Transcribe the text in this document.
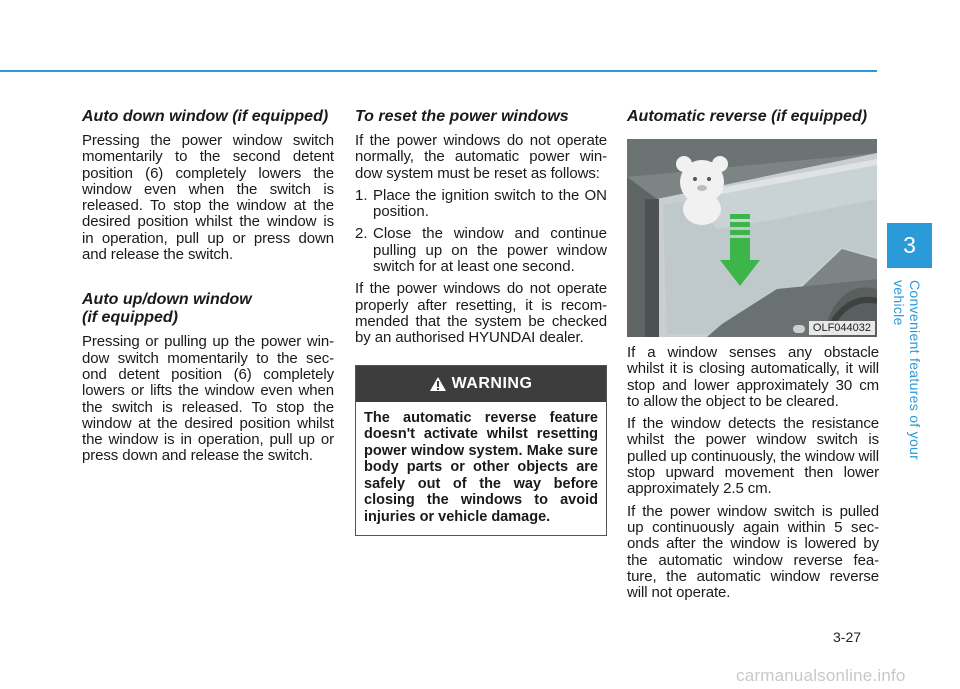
Auto down window (if equipped)

Pressing the power window switch momentarily to the second detent position (6) completely lowers the window even when the switch is released. To stop the window at the desired position whilst the window is in operation, pull up or press down and release the switch.

Auto up/down window
(if equipped)

Pressing or pulling up the power win- dow switch momentarily to the sec- ond detent position (6) completely lowers or lifts the window even when the switch is released. To stop the window at the desired position whilst the window is in operation, pull up or press down and release the switch.

To reset the power windows

If the power windows do not operate normally, the automatic power win- dow system must be reset as follows:

1. Place the ignition switch to the ON position.
2. Close the window and continue pulling up on the power window switch for at least one second.

If the power windows do not operate properly after resetting, it is recom- mended that the system be checked by an authorised HYUNDAI dealer.

WARNING
The automatic reverse feature doesn't activate whilst resetting power window system. Make sure body parts or other objects are safely out of the way before closing the windows to avoid injuries or vehicle damage.
Automatic reverse (if equipped)
OLF044032

If a window senses any obstacle whilst it is closing automatically, it will stop and lower approximately 30 cm to allow the object to be cleared.

If the window detects the resistance whilst the power window switch is pulled up continuously, the window will stop upward movement then lower approximately 2.5 cm.

If the power window switch is pulled up continuously again within 5 sec- onds after the window is lowered by the automatic window reverse fea- ture, the automatic window reverse will not operate.

3
Convenient features of your vehicle
3-27
carmanualsonline.info
